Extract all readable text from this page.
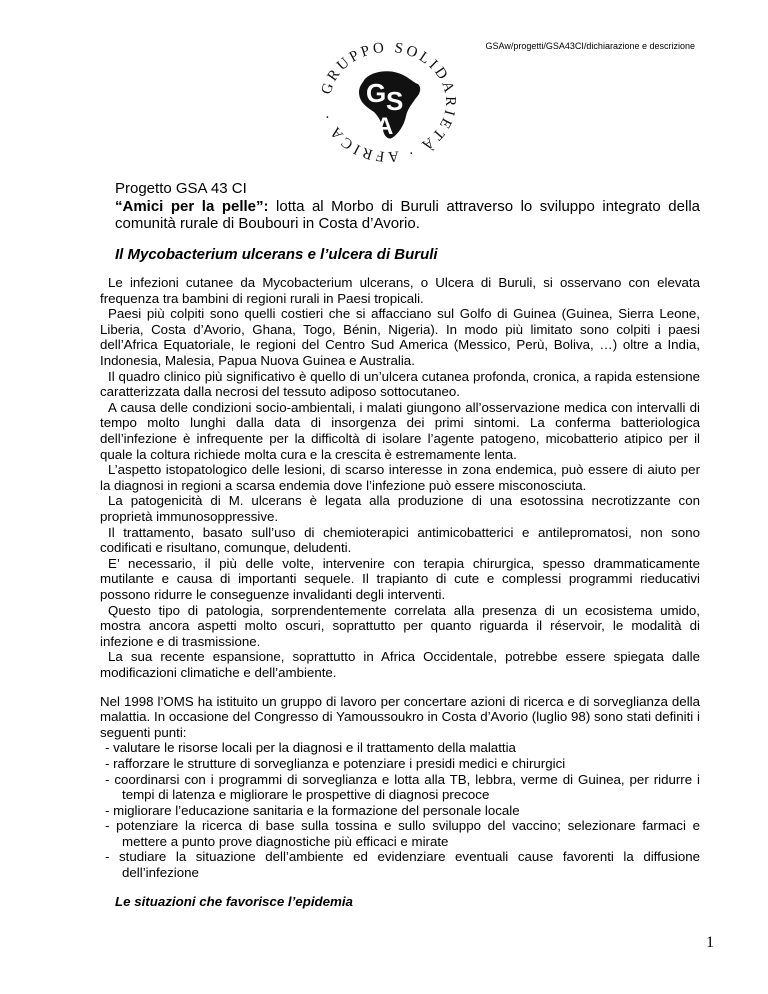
GSAw/progetti/GSA43CI/dichiarazione e descrizione
G S
A
GRUPPO SOLIDARIETÀ · AFRICA ·
Progetto GSA 43 CI
“Amici per la pelle”: lotta al Morbo di Buruli attraverso lo sviluppo integrato della comunità rurale di Boubouri in Costa d’Avorio.
Il Mycobacterium ulcerans e l’ulcera di Buruli

Le infezioni cutanee da Mycobacterium ulcerans, o Ulcera di Buruli, si osservano con elevata frequenza tra bambini di regioni rurali in Paesi tropicali.

Paesi più colpiti sono quelli costieri che si affacciano sul Golfo di Guinea (Guinea, Sierra Leone, Liberia, Costa d’Avorio, Ghana, Togo, Bénin, Nigeria). In modo più limitato sono colpiti i paesi dell’Africa Equatoriale, le regioni del Centro Sud America (Messico, Perù, Boliva, …) oltre a India, Indonesia, Malesia, Papua Nuova Guinea e Australia.

Il quadro clinico più significativo è quello di un’ulcera cutanea profonda, cronica, a rapida estensione caratterizzata dalla necrosi del tessuto adiposo sottocutaneo.

A causa delle condizioni socio-ambientali, i malati giungono all’osservazione medica con intervalli di tempo molto lunghi dalla data di insorgenza dei primi sintomi. La conferma batteriologica dell’infezione è infrequente per la difficoltà di isolare l’agente patogeno, micobatterio atipico per il quale la coltura richiede molta cura e la crescita è estremamente lenta.

L’aspetto istopatologico delle lesioni, di scarso interesse in zona endemica, può essere di aiuto per la diagnosi in regioni a scarsa endemia dove l’infezione può essere misconosciuta.

La patogenicità di M. ulcerans è legata alla produzione di una esotossina necrotizzante con proprietà immunosoppressive.

Il trattamento, basato sull’uso di chemioterapici antimicobatterici e antilepromatosi, non sono codificati e risultano, comunque, deludenti.

E’ necessario, il più delle volte, intervenire con terapia chirurgica, spesso drammaticamente mutilante e causa di importanti sequele. Il trapianto di cute e complessi programmi rieducativi possono ridurre le conseguenze invalidanti degli interventi.

Questo tipo di patologia, sorprendentemente correlata alla presenza di un ecosistema umido, mostra ancora aspetti molto oscuri, soprattutto per quanto riguarda il réservoir, le modalità di infezione e di trasmissione.

La sua recente espansione, soprattutto in Africa Occidentale, potrebbe essere spiegata dalle modificazioni climatiche e dell’ambiente.

Nel 1998 l’OMS ha istituito un gruppo di lavoro per concertare azioni di ricerca e di sorveglianza della malattia. In occasione del Congresso di Yamoussoukro in Costa d’Avorio (luglio 98) sono stati definiti i seguenti punti:

- valutare le risorse locali per la diagnosi e il trattamento della malattia
- rafforzare le strutture di sorveglianza e potenziare i presidi medici e chirurgici
- coordinarsi con i programmi di sorveglianza e lotta alla TB, lebbra, verme di Guinea, per ridurre i tempi di latenza e migliorare le prospettive di diagnosi precoce
- migliorare l’educazione sanitaria e la formazione del personale locale
- potenziare la ricerca di base sulla tossina e sullo sviluppo del vaccino; selezionare farmaci e mettere a punto prove diagnostiche più efficaci e mirate
- studiare la situazione dell’ambiente ed evidenziare eventuali cause favorenti la diffusione dell’infezione
Le situazioni che favorisce l’epidemia
1
